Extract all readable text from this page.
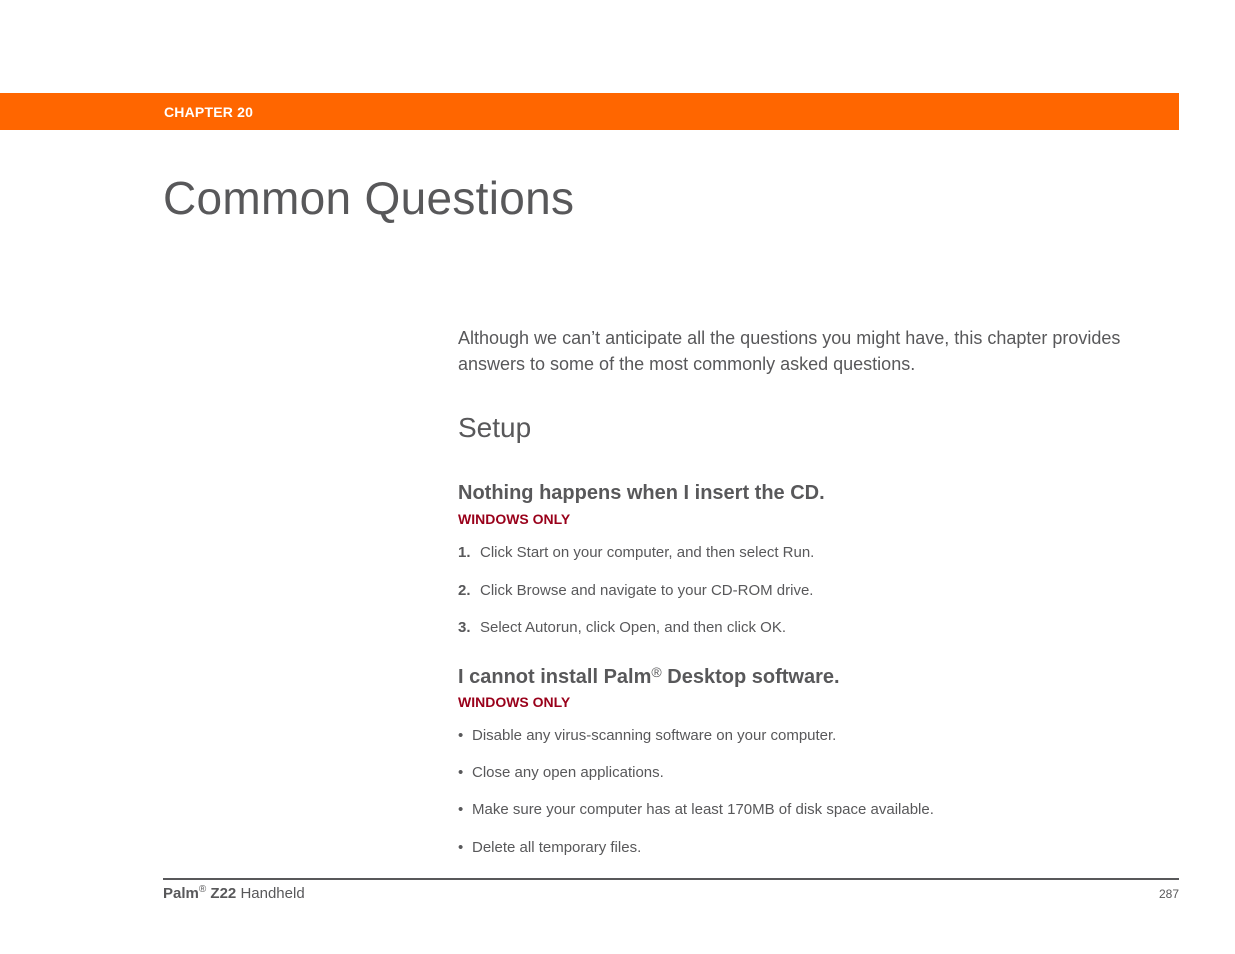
CHAPTER 20
Common Questions

Although we can’t anticipate all the questions you might have, this chapter provides answers to some of the most commonly asked questions.

Setup
Nothing happens when I insert the CD.
WINDOWS ONLY
1. Click Start on your computer, and then select Run.
2. Click Browse and navigate to your CD-ROM drive.
3. Select Autorun, click Open, and then click OK.
I cannot install Palm® Desktop software.
WINDOWS ONLY
• Disable any virus-scanning software on your computer.
• Close any open applications.
• Make sure your computer has at least 170MB of disk space available.
• Delete all temporary files.
Palm® Z22 Handheld	287
